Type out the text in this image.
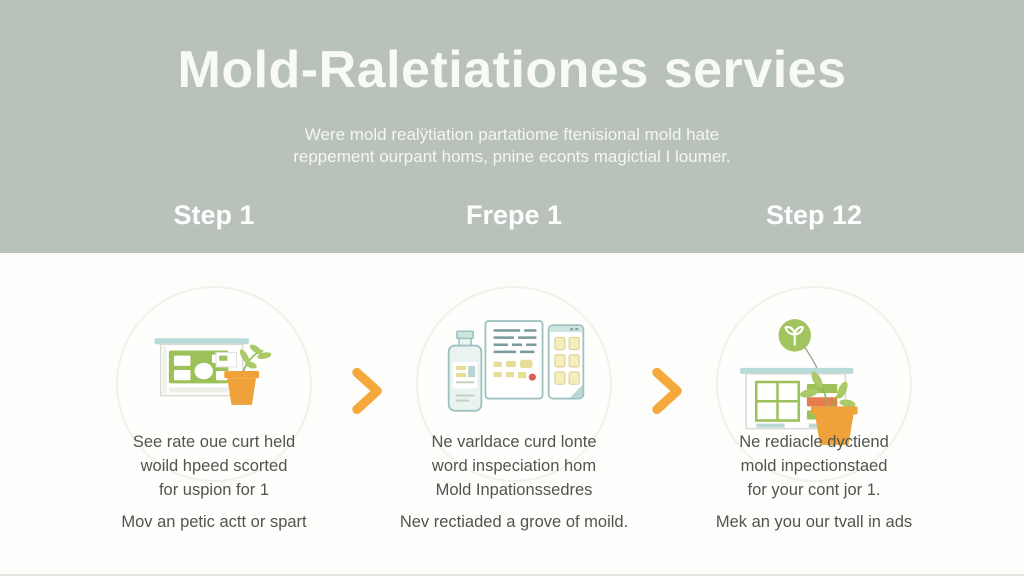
Mold-Raletiationes servies
Were mold realÿtiation partatiome ftenisional mold hate
reppement ourpant homs, pnine econts magictial I loumer.
Step 1	Frepe 1	Step 12
See rate oue curt held
woild hpeed scorted
for uspion for 1
Mov an petic actt or spart
Ne varldace curd lonte
word inspeciation hom
Mold Inpationssedres
Nev rectiaded a grove of moild.
Ne rediacle dyctiend
mold inpectionstaed
for your cont jor 1.
Mek an you our tvall in ads
